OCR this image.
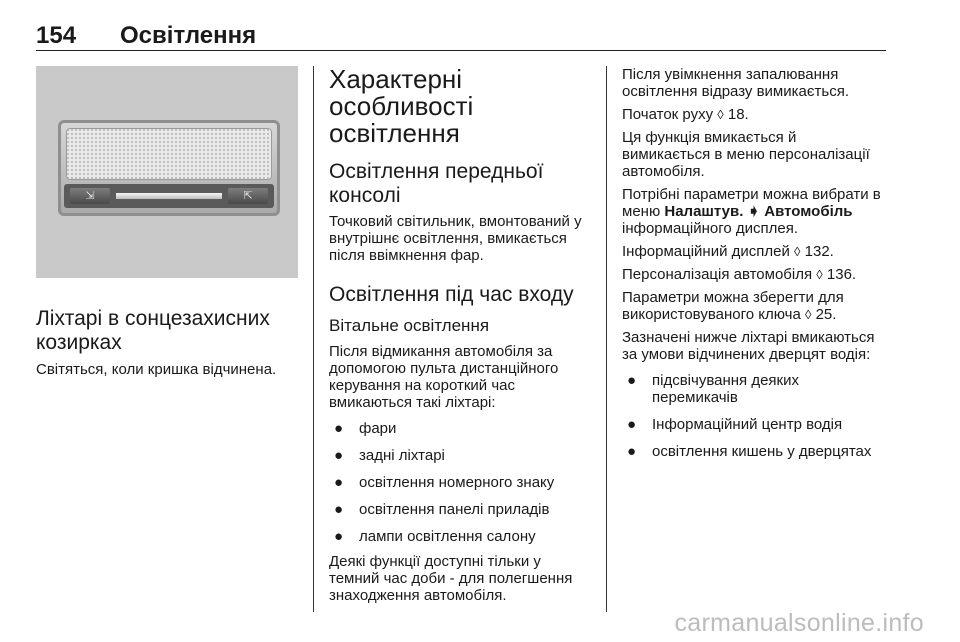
154 Освітлення
⇲	⇱
Ліхтарі в сонцезахисних козирках

Світяться, коли кришка відчинена.

Характерні особливості освітлення
Освітлення передньої консолі

Точковий світильник, вмонтований у внутрішнє освітлення, вмикається після ввімкнення фар.

Освітлення під час входу
Вітальне освітлення

Після відмикання автомобіля за допомогою пульта дистанційного керування на короткий час вмикаються такі ліхтарі:

● фари
● задні ліхтарі
● освітлення номерного знаку
● освітлення панелі приладів
● лампи освітлення салону

Деякі функції доступні тільки у темний час доби - для полегшення знаходження автомобіля.

Після увімкнення запалювання освітлення відразу вимикається.

Початок руху ◊ 18.

Ця функція вмикається й вимикається в меню персоналізації автомобіля.

Потрібні параметри можна вибрати в меню Налаштув. ➧ Автомобіль інформаційного дисплея.

Інформаційний дисплей ◊ 132.

Персоналізація автомобіля ◊ 136.

Параметри можна зберегти для використовуваного ключа ◊ 25.

Зазначені нижче ліхтарі вмикаються за умови відчинених дверцят водія:

● підсвічування деяких перемикачів
● Інформаційний центр водія
● освітлення кишень у дверцятах
carmanualsonline.info
